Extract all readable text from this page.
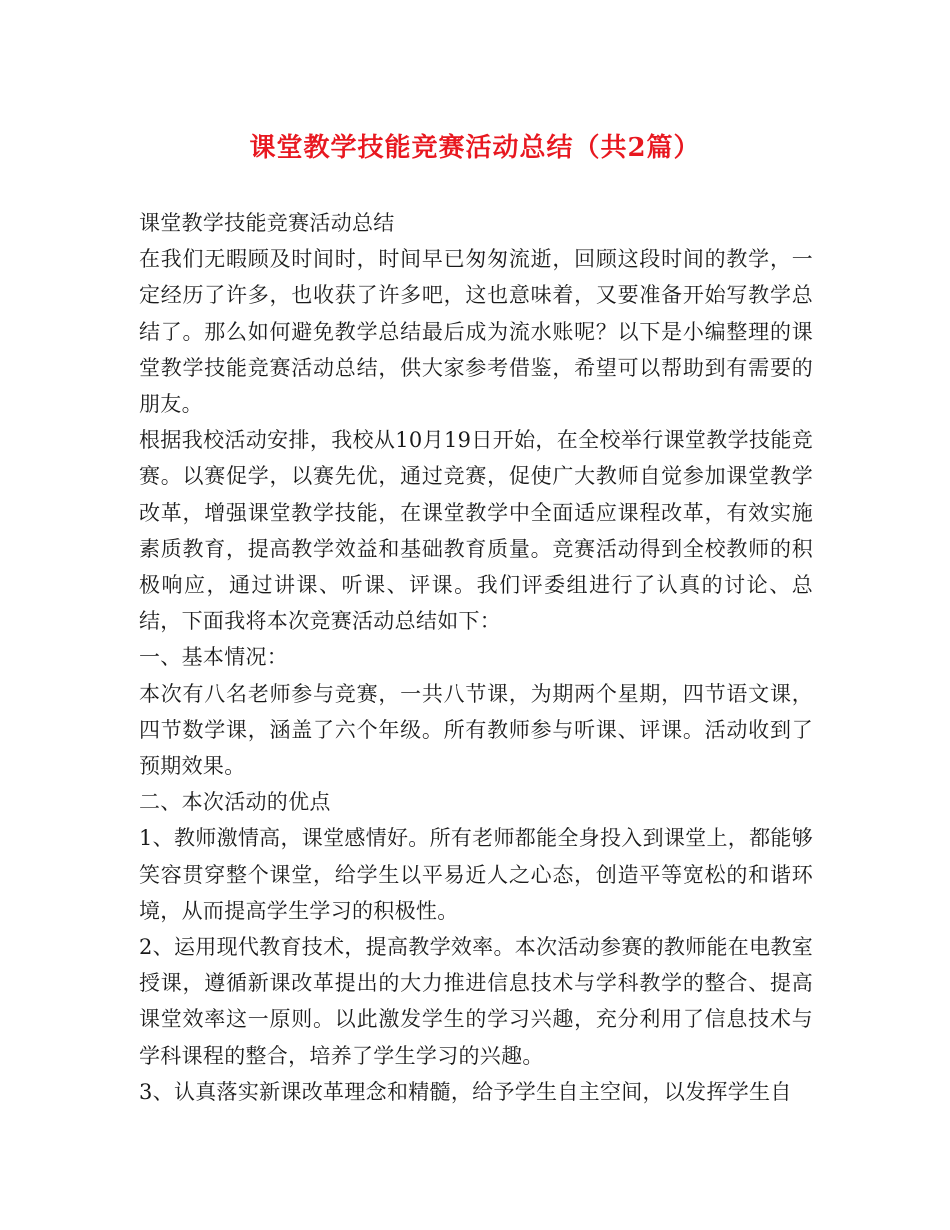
课堂教学技能竞赛活动总结（共2篇）

课堂教学技能竞赛活动总结

在我们无暇顾及时间时，时间早已匆匆流逝，回顾这段时间的教学，一定经历了许多，也收获了许多吧，这也意味着，又要准备开始写教学总结了。那么如何避免教学总结最后成为流水账呢？以下是小编整理的课堂教学技能竞赛活动总结，供大家参考借鉴，希望可以帮助到有需要的朋友。

根据我校活动安排，我校从10月19日开始，在全校举行课堂教学技能竞赛。以赛促学，以赛先优，通过竞赛，促使广大教师自觉参加课堂教学改革，增强课堂教学技能，在课堂教学中全面适应课程改革，有效实施素质教育，提高教学效益和基础教育质量。竞赛活动得到全校教师的积极响应，通过讲课、听课、评课。我们评委组进行了认真的讨论、总结，下面我将本次竞赛活动总结如下：

一、基本情况：

本次有八名老师参与竞赛，一共八节课，为期两个星期，四节语文课，四节数学课，涵盖了六个年级。所有教师参与听课、评课。活动收到了预期效果。

二、本次活动的优点

1、教师激情高，课堂感情好。所有老师都能全身投入到课堂上，都能够笑容贯穿整个课堂，给学生以平易近人之心态，创造平等宽松的和谐环境，从而提高学生学习的积极性。

2、运用现代教育技术，提高教学效率。本次活动参赛的教师能在电教室授课，遵循新课改革提出的大力推进信息技术与学科教学的整合、提高课堂效率这一原则。以此激发学生的学习兴趣，充分利用了信息技术与学科课程的整合，培养了学生学习的兴趣。

3、认真落实新课改革理念和精髓，给予学生自主空间，以发挥学生自
